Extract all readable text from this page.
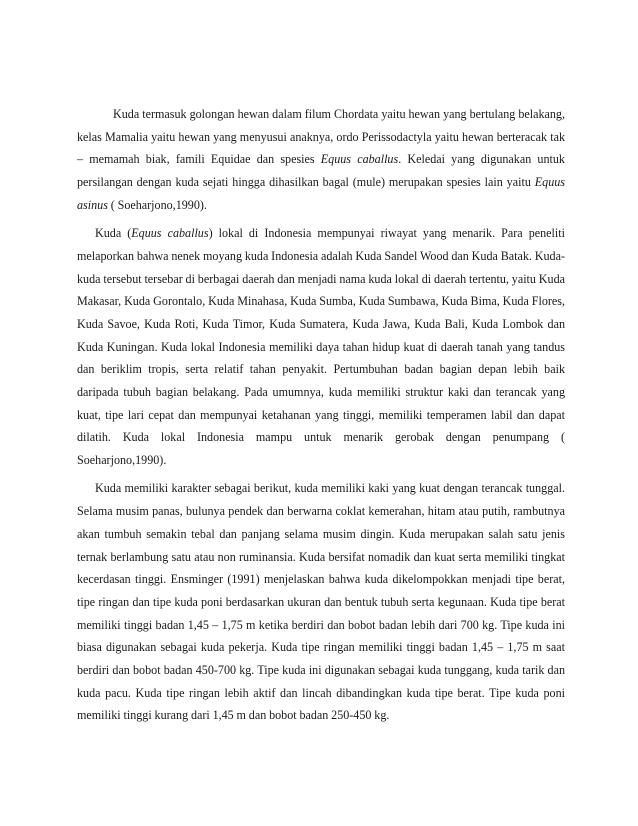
Kuda termasuk golongan hewan dalam filum Chordata yaitu hewan yang bertulang belakang, kelas Mamalia yaitu hewan yang menyusui anaknya, ordo Perissodactyla yaitu hewan berteracak tak – memamah biak, famili Equidae dan spesies Equus caballus. Keledai yang digunakan untuk persilangan dengan kuda sejati hingga dihasilkan bagal (mule) merupakan spesies lain yaitu Equus asinus ( Soeharjono,1990).

Kuda (Equus caballus) lokal di Indonesia mempunyai riwayat yang menarik. Para peneliti melaporkan bahwa nenek moyang kuda Indonesia adalah Kuda Sandel Wood dan Kuda Batak. Kuda-kuda tersebut tersebar di berbagai daerah dan menjadi nama kuda lokal di daerah tertentu, yaitu Kuda Makasar, Kuda Gorontalo, Kuda Minahasa, Kuda Sumba, Kuda Sumbawa, Kuda Bima, Kuda Flores, Kuda Savoe, Kuda Roti, Kuda Timor, Kuda Sumatera, Kuda Jawa, Kuda Bali, Kuda Lombok dan Kuda Kuningan. Kuda lokal Indonesia memiliki daya tahan hidup kuat di daerah tanah yang tandus dan beriklim tropis, serta relatif tahan penyakit. Pertumbuhan badan bagian depan lebih baik daripada tubuh bagian belakang. Pada umumnya, kuda memiliki struktur kaki dan terancak yang kuat, tipe lari cepat dan mempunyai ketahanan yang tinggi, memiliki temperamen labil dan dapat dilatih. Kuda lokal Indonesia mampu untuk menarik gerobak dengan penumpang ( Soeharjono,1990).

Kuda memiliki karakter sebagai berikut, kuda memiliki kaki yang kuat dengan terancak tunggal. Selama musim panas, bulunya pendek dan berwarna coklat kemerahan, hitam atau putih, rambutnya akan tumbuh semakin tebal dan panjang selama musim dingin. Kuda merupakan salah satu jenis ternak berlambung satu atau non ruminansia. Kuda bersifat nomadik dan kuat serta memiliki tingkat kecerdasan tinggi. Ensminger (1991) menjelaskan bahwa kuda dikelompokkan menjadi tipe berat, tipe ringan dan tipe kuda poni berdasarkan ukuran dan bentuk tubuh serta kegunaan. Kuda tipe berat memiliki tinggi badan 1,45 – 1,75 m ketika berdiri dan bobot badan lebih dari 700 kg. Tipe kuda ini biasa digunakan sebagai kuda pekerja. Kuda tipe ringan memiliki tinggi badan 1,45 – 1,75 m saat berdiri dan bobot badan 450-700 kg. Tipe kuda ini digunakan sebagai kuda tunggang, kuda tarik dan kuda pacu. Kuda tipe ringan lebih aktif dan lincah dibandingkan kuda tipe berat. Tipe kuda poni memiliki tinggi kurang dari 1,45 m dan bobot badan 250-450 kg.
